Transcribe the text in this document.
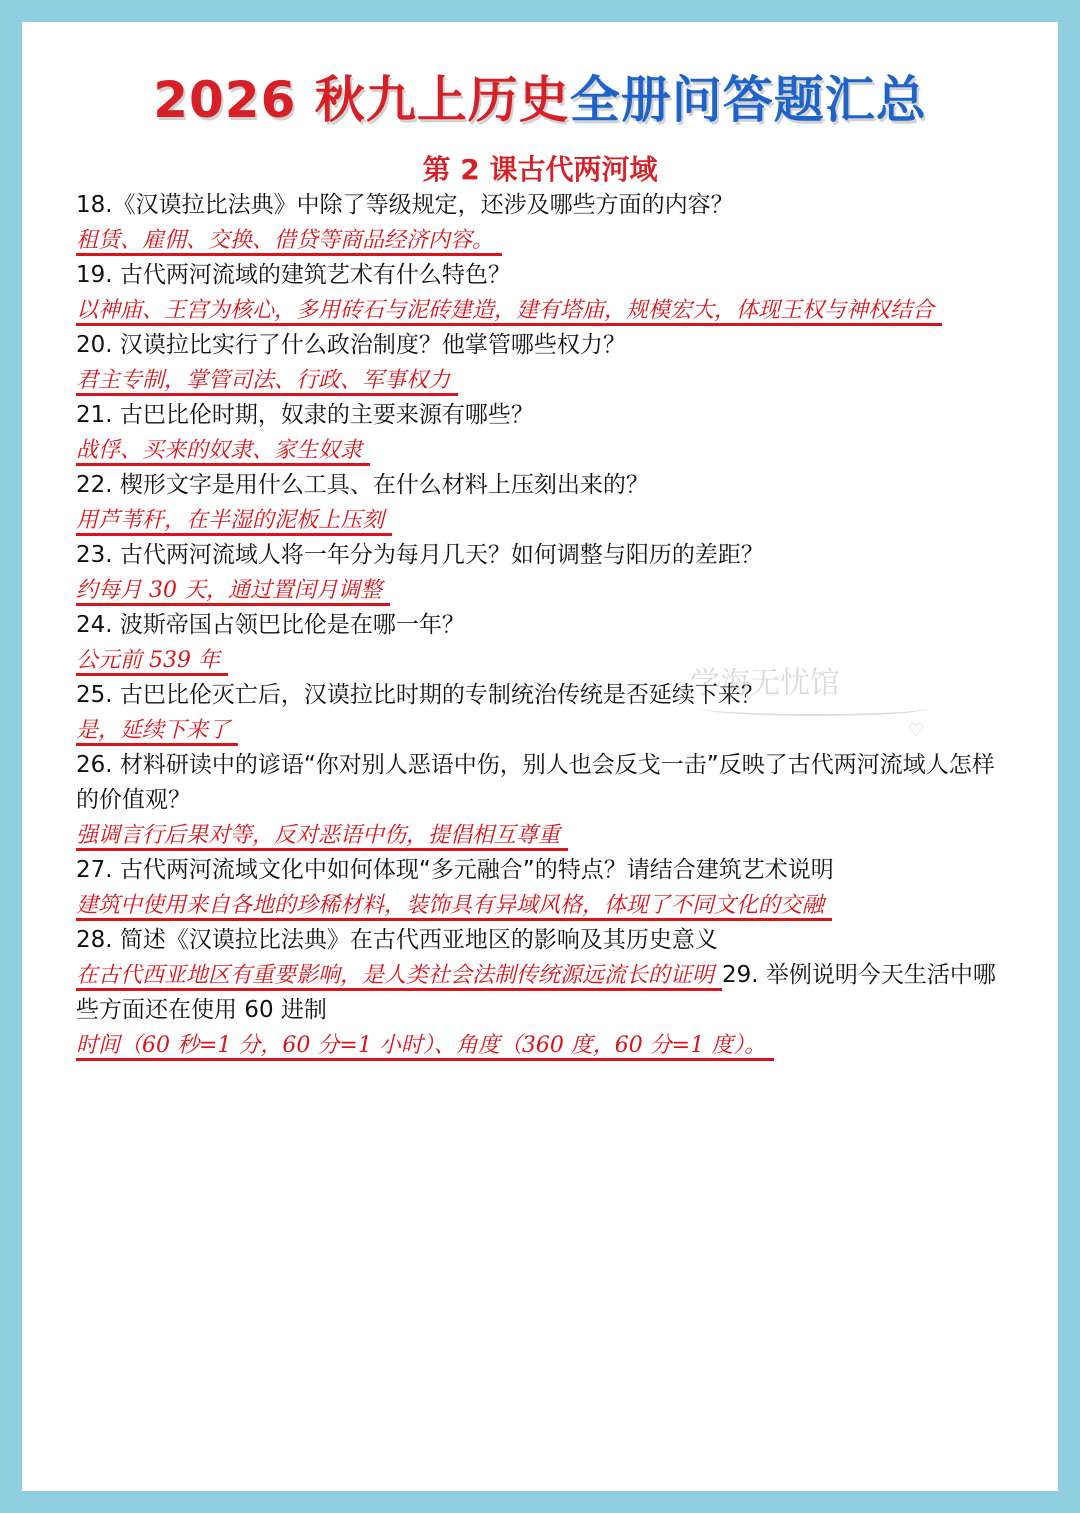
2026 秋九上历史全册问答题汇总
第 2 课古代两河域
学海无忧馆
♡

18.《汉谟拉比法典》中除了等级规定，还涉及哪些方面的内容？

租赁、雇佣、交换、借贷等商品经济内容。

19. 古代两河流域的建筑艺术有什么特色？

以神庙、王宫为核心，多用砖石与泥砖建造，建有塔庙，规模宏大，体现王权与神权结合

20. 汉谟拉比实行了什么政治制度？他掌管哪些权力？

君主专制，掌管司法、行政、军事权力

21. 古巴比伦时期，奴隶的主要来源有哪些？

战俘、买来的奴隶、家生奴隶

22. 楔形文字是用什么工具、在什么材料上压刻出来的？

用芦苇秆，在半湿的泥板上压刻

23. 古代两河流域人将一年分为每月几天？如何调整与阳历的差距？

约每月 30 天，通过置闰月调整

24. 波斯帝国占领巴比伦是在哪一年？

公元前 539 年

25. 古巴比伦灭亡后，汉谟拉比时期的专制统治传统是否延续下来？

是，延续下来了

26. 材料研读中的谚语“你对别人恶语中伤，别人也会反戈一击”反映了古代两河流域人怎样的价值观？

强调言行后果对等，反对恶语中伤，提倡相互尊重

27. 古代两河流域文化中如何体现“多元融合”的特点？请结合建筑艺术说明

建筑中使用来自各地的珍稀材料，装饰具有异域风格，体现了不同文化的交融

28. 简述《汉谟拉比法典》在古代西亚地区的影响及其历史意义

在古代西亚地区有重要影响，是人类社会法制传统源远流长的证明 29. 举例说明今天生活中哪些方面还在使用 60 进制

时间（60 秒=1 分，60 分=1 小时）、角度（360 度，60 分=1 度）。
